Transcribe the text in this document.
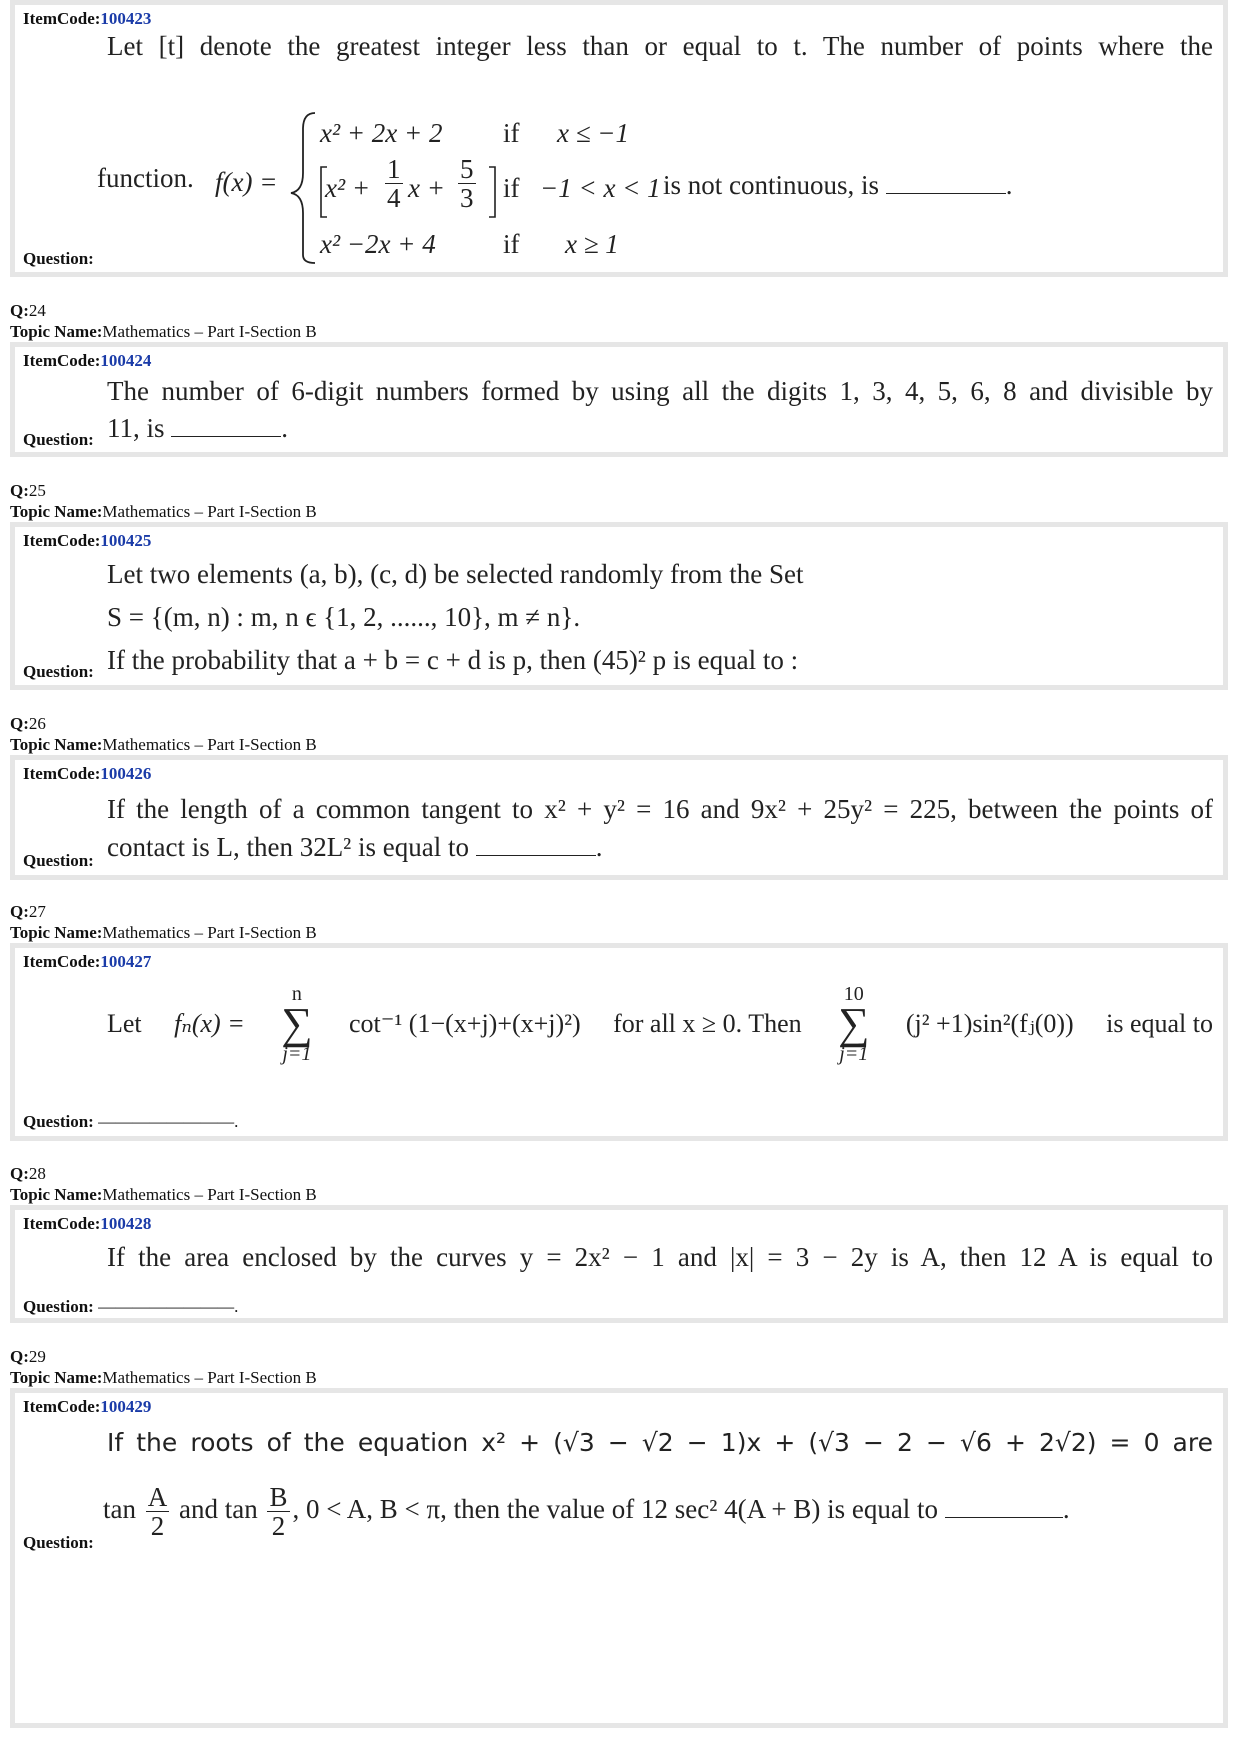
ItemCode:100423
Let [t] denote the greatest integer less than or equal to t. The number of points where the
function. f(x) =
x² + 2x + 2 if x ≤ −1
$x^2 + \frac{1}{4}$ $x + \frac{5}{3}$ if −1 < x < 1 is not continuous, is	.
x² −2x + 4 if x ≥ 1
Question:
Q:24
Topic Name:Mathematics – Part I-Section B
ItemCode:100424
The number of 6-digit numbers formed by using all the digits 1, 3, 4, 5, 6, 8 and divisible by
11, is	.
Question:
Q:25
Topic Name:Mathematics – Part I-Section B
ItemCode:100425
Let two elements (a, b), (c, d) be selected randomly from the Set
S = {(m, n) : m, n ϵ {1, 2, ......, 10}, m ≠ n}.
If the probability that a + b = c + d is p, then (45)² p is equal to :
Question:
Q:26
Topic Name:Mathematics – Part I-Section B
ItemCode:100426
If the length of a common tangent to x² + y² = 16 and 9x² + 25y² = 225, between the points of
contact is L, then 32L² is equal to	.
Question:
Q:27
Topic Name:Mathematics – Part I-Section B
ItemCode:100427
Let fₙ(x) =
n
∑
j=1
cot⁻¹ (1−(x+j)+(x+j)²) for all x ≥ 0. Then
10
∑
j=1
(j² +1)sin²(fⱼ(0)) is equal to
Question: ————————.
Q:28
Topic Name:Mathematics – Part I-Section B
ItemCode:100428
If the area enclosed by the curves y = 2x² − 1 and |x| = 3 − 2y is A, then 12 A is equal to
Question: ————————.
Q:29
Topic Name:Mathematics – Part I-Section B
ItemCode:100429
If the roots of the equation x² + (√3 − √2 − 1)x + (√3 − 2 − √6 + 2√2) = 0 are
$\tan \frac{A}{2}$ and $\tan \frac{B}{2}$ , 0 < A, B < π, then the value of 12 sec² 4(A + B) is equal to	.
Question:
